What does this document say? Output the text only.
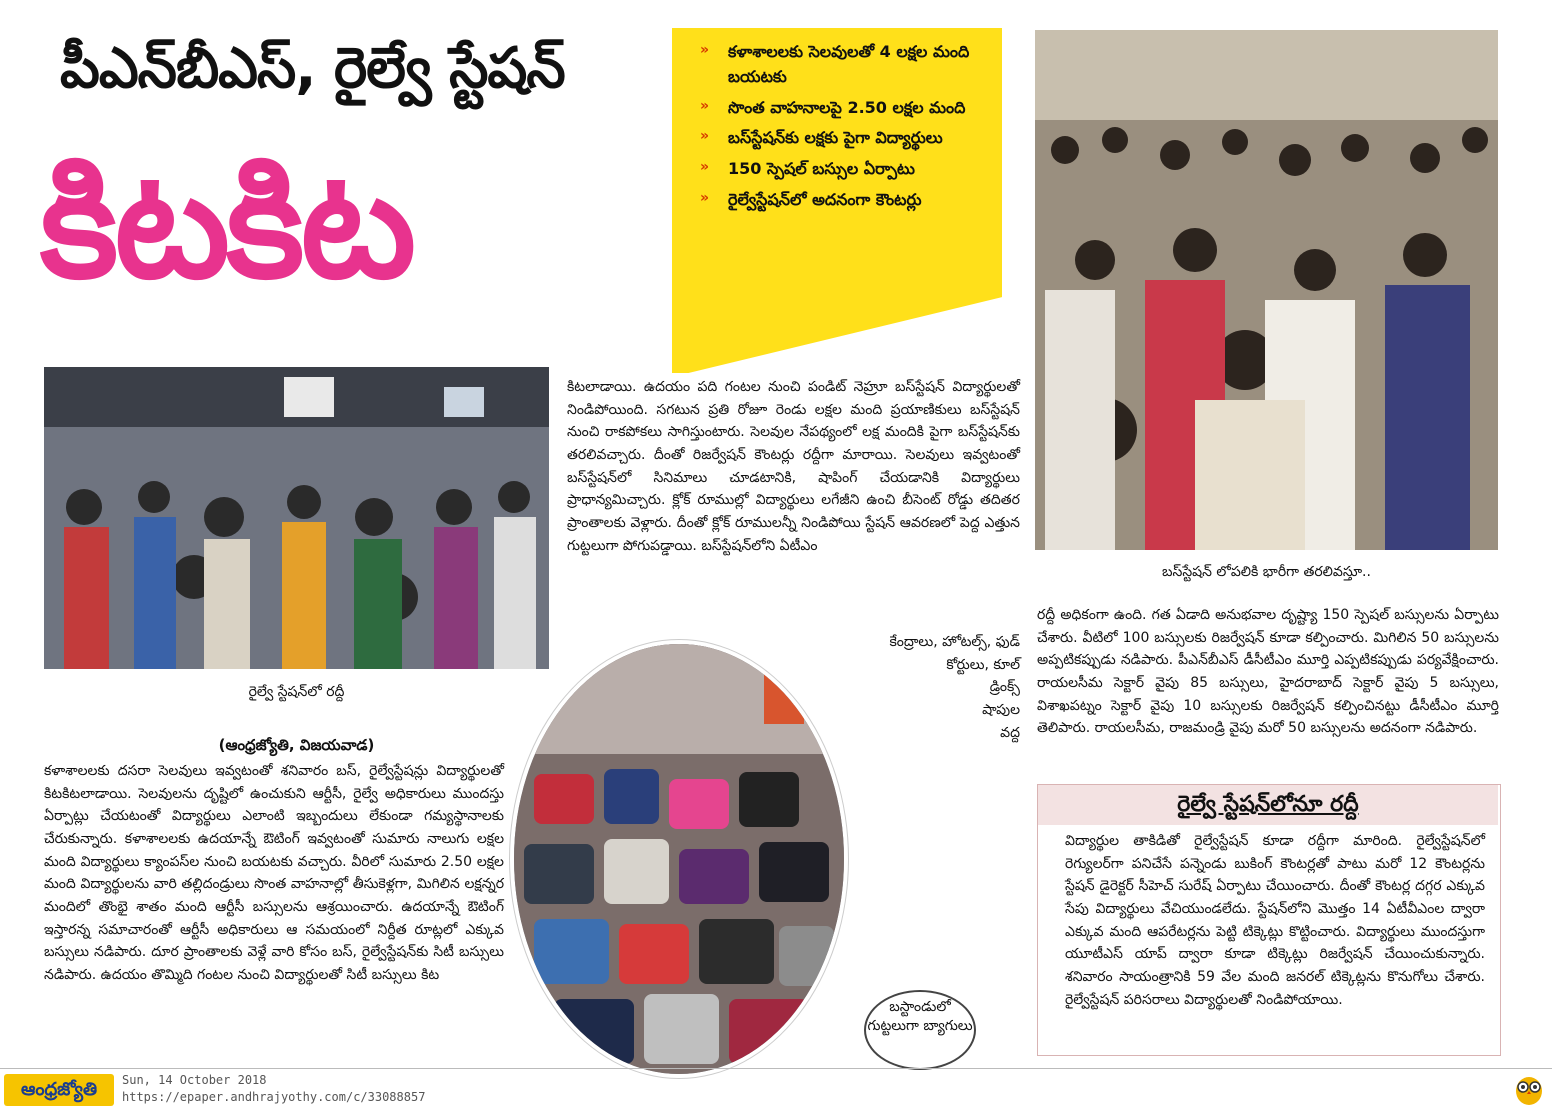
పీఎన్‌బీఎస్‌, రైల్వే స్టేషన్‌
కిటకిట
» కళాశాలలకు సెలవులతో 4 లక్షల మంది బయటకు
» సొంత వాహనాలపై 2.50 లక్షల మంది
» బస్‌స్టేషన్‌కు లక్షకు పైగా విద్యార్థులు
» 150 స్పెషల్‌ బస్సుల ఏర్పాటు
» రైల్వేస్టేషన్‌లో అదనంగా కౌంటర్లు
రైల్వే స్టేషన్‌లో రద్దీ
బస్‌స్టేషన్‌ లోపలికి భారీగా తరలివస్తూ..
బస్టాండులో గుట్టలుగా బ్యాగులు
(ఆంధ్రజ్యోతి, విజయవాడ)
కళాశాలలకు దసరా సెలవులు ఇవ్వటంతో శనివారం బస్‌, రైల్వేస్టేషన్లు విద్యార్థులతో కిటకిటలాడాయి. సెలవులను దృష్టిలో ఉంచుకుని ఆర్టీసీ, రైల్వే అధికారులు ముందస్తు ఏర్పాట్లు చేయటంతో విద్యార్థులు ఎలాంటి ఇబ్బందులు లేకుండా గమ్యస్థానాలకు చేరుకున్నారు. కళాశాలలకు ఉదయాన్నే ఔటింగ్‌ ఇవ్వటంతో సుమారు నాలుగు లక్షల మంది విద్యార్థులు క్యాంపస్‌ల నుంచి బయటకు వచ్చారు. వీరిలో సుమారు 2.50 లక్షల మంది విద్యార్థులను వారి తల్లిదండ్రులు సొంత వాహనాల్లో తీసుకెళ్లగా, మిగిలిన లక్షన్నర మందిలో తొంభై శాతం మంది ఆర్టీసీ బస్సులను ఆశ్రయించారు. ఉదయాన్నే ఔటింగ్‌ ఇస్తారన్న సమాచారంతో ఆర్టీసీ అధికారులు ఆ సమయంలో నిర్దీత రూట్లలో ఎక్కువ బస్సులు నడిపారు. దూర ప్రాంతాలకు వెళ్లే వారి కోసం బస్‌, రైల్వేస్టేషన్‌కు సిటీ బస్సులు నడిపారు. ఉదయం తొమ్మిది గంటల నుంచి విద్యార్థులతో సిటీ బస్సులు కిట
కిటలాడాయి. ఉదయం పది గంటల నుంచి పండిట్‌ నెహ్రూ బస్‌స్టేషన్‌ విద్యార్థులతో నిండిపోయింది. సగటున ప్రతి రోజూ రెండు లక్షల మంది ప్రయాణికులు బస్‌స్టేషన్‌ నుంచి రాకపోకలు సాగిస్తుంటారు. సెలవుల నేపథ్యంలో లక్ష మందికి పైగా బస్‌స్టేషన్‌కు తరలివచ్చారు. దీంతో రిజర్వేషన్‌ కౌంటర్లు రద్దీగా మారాయి. సెలవులు ఇవ్వటంతో బస్‌స్టేషన్‌లో సినిమాలు చూడటానికి, షాపింగ్‌ చేయడానికి విద్యార్థులు ప్రాధాన్యమిచ్చారు. క్లోక్‌ రూముల్లో విద్యార్థులు లగేజీని ఉంచి బీసెంట్‌ రోడ్డు తదితర ప్రాంతాలకు వెళ్లారు. దీంతో క్లోక్‌ రూములన్నీ నిండిపోయి స్టేషన్‌ ఆవరణలో పెద్ద ఎత్తున గుట్టలుగా పోగుపడ్డాయి. బస్‌స్టేషన్‌లోని ఏటీఎం
కేంద్రాలు, హోటల్స్‌, ఫుడ్‌
కోర్టులు, కూల్‌
డ్రింక్స్‌
షాపుల
వద్ద
రద్దీ అధికంగా ఉంది. గత ఏడాది అనుభవాల దృష్ట్యా 150 స్పెషల్‌ బస్సులను ఏర్పాటు చేశారు. వీటిలో 100 బస్సులకు రిజర్వేషన్‌ కూడా కల్పించారు. మిగిలిన 50 బస్సులను అప్పటికప్పుడు నడిపారు. పీఎన్‌బీఎస్‌ డీసీటీఎం మూర్తి ఎప్పటికప్పుడు పర్యవేక్షించారు. రాయలసీమ సెక్టార్‌ వైపు 85 బస్సులు, హైదరాబాద్‌ సెక్టార్‌ వైపు 5 బస్సులు, విశాఖపట్నం సెక్టార్‌ వైపు 10 బస్సులకు రిజర్వేషన్‌ కల్పించినట్టు డీసీటీఎం మూర్తి తెలిపారు. రాయలసీమ, రాజమండ్రి వైపు మరో 50 బస్సులను అదనంగా నడిపారు.
రైల్వే స్టేషన్‌లోనూ రద్దీ
విద్యార్థుల తాకిడితో రైల్వేస్టేషన్‌ కూడా రద్దీగా మారింది. రైల్వేస్టేషన్‌లో రెగ్యులర్‌గా పనిచేసే పన్నెండు బుకింగ్‌ కౌంటర్లతో పాటు మరో 12 కౌంటర్లను స్టేషన్‌ డైరెక్టర్‌ సీహెచ్‌ సురేష్‌ ఏర్పాటు చేయించారు. దీంతో కౌంటర్ల దగ్గర ఎక్కువ సేపు విద్యార్థులు వేచియుండలేదు. స్టేషన్‌లోని మొత్తం 14 ఏటీవీఎంల ద్వారా ఎక్కువ మంది ఆపరేటర్లను పెట్టి టిక్కెట్లు కొట్టించారు. విద్యార్థులు ముందస్తుగా యూటీఎస్‌ యాప్‌ ద్వారా కూడా టిక్కెట్లు రిజర్వేషన్‌ చేయించుకున్నారు. శనివారం సాయంత్రానికి 59 వేల మంది జనరల్‌ టిక్కెట్లను కొనుగోలు చేశారు. రైల్వేస్టేషన్‌ పరిసరాలు విద్యార్థులతో నిండిపోయాయి.
ఆంధ్రజ్యోతి	Sun, 14 October 2018
https://epaper.andhrajyothy.com/c/33088857
